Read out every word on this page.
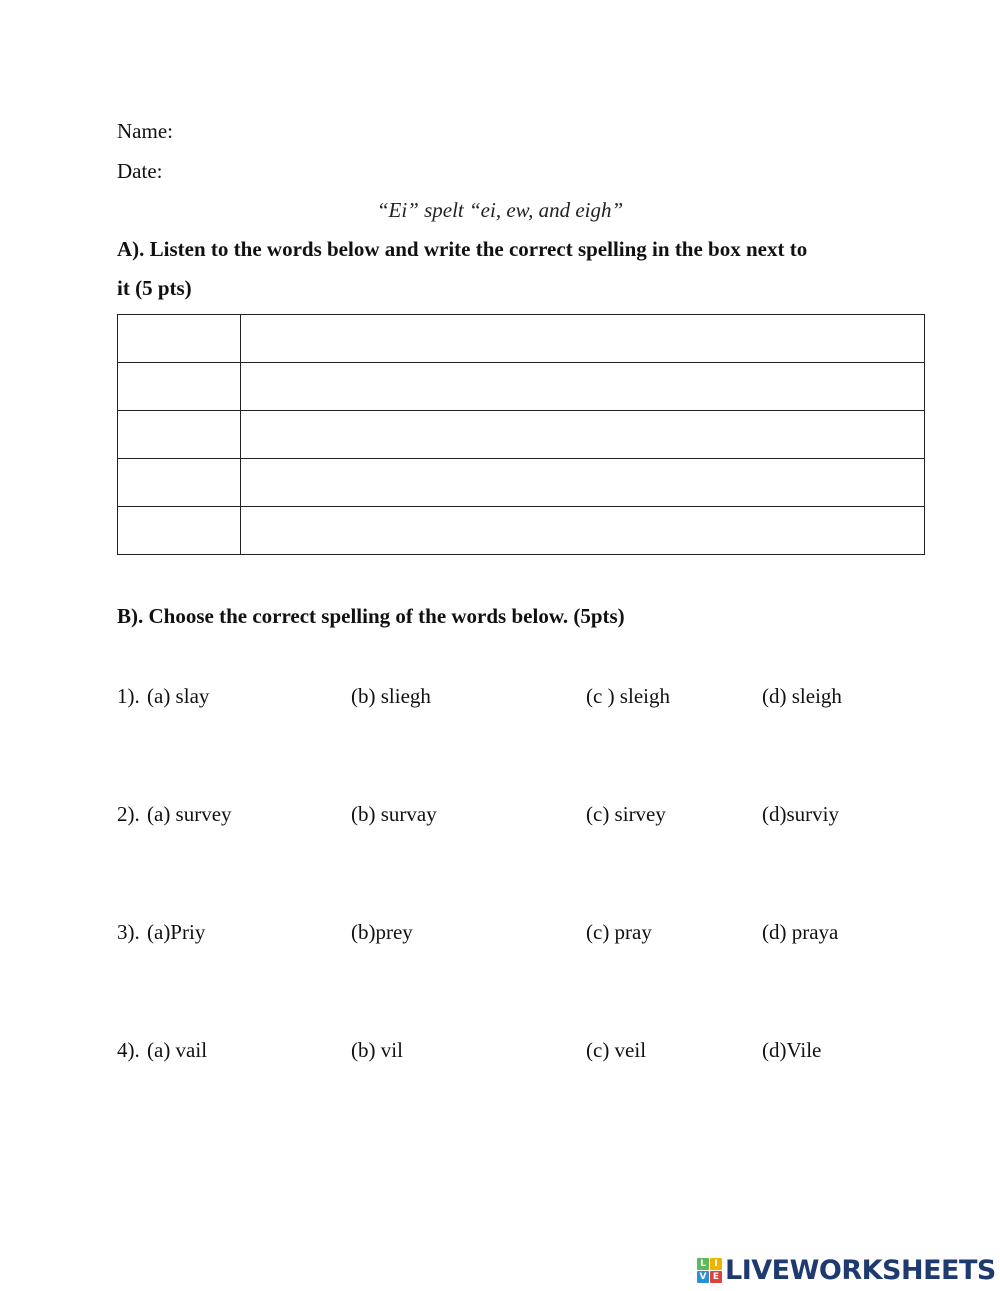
Name:
Date:
“Ei” spelt “ei, ew, and eigh”
A). Listen to the words below and write the correct spelling in the box next to
it (5 pts)

B). Choose the correct spelling of the words below. (5pts)
1). (a) slay	(b) sliegh	(c ) sleigh	(d) sleigh
2). (a) survey	(b) survay	(c) sirvey	(d)surviy
3). (a)Priy	(b)prey	(c) pray	(d) praya
4). (a) vail	(b) vil	(c) veil	(d)Vile
L I
V E LIVEWORKSHEETS
